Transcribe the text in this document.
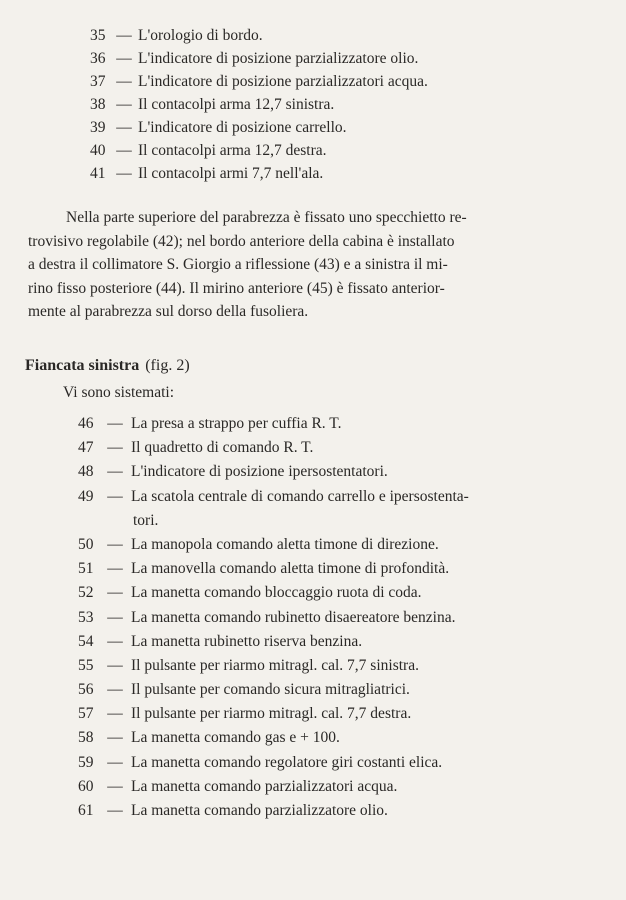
35 — L'orologio di bordo.
36 — L'indicatore di posizione parzializzatore olio.
37 — L'indicatore di posizione parzializzatori acqua.
38 — Il contacolpi arma 12,7 sinistra.
39 — L'indicatore di posizione carrello.
40 — Il contacolpi arma 12,7 destra.
41 — Il contacolpi armi 7,7 nell'ala.
Nella parte superiore del parabrezza è fissato uno specchietto re-
trovisivo regolabile (42); nel bordo anteriore della cabina è installato
a destra il collimatore S. Giorgio a riflessione (43) e a sinistra il mi-
rino fisso posteriore (44). Il mirino anteriore (45) è fissato anterior-
mente al parabrezza sul dorso della fusoliera.
Fiancata sinistra (fig. 2)
Vi sono sistemati:
46 — La presa a strappo per cuffia R. T.
47 — Il quadretto di comando R. T.
48 — L'indicatore di posizione ipersostentatori.
49 — La scatola centrale di comando carrello e ipersostenta-
tori.
50 — La manopola comando aletta timone di direzione.
51 — La manovella comando aletta timone di profondità.
52 — La manetta comando bloccaggio ruota di coda.
53 — La manetta comando rubinetto disaereatore benzina.
54 — La manetta rubinetto riserva benzina.
55 — Il pulsante per riarmo mitragl. cal. 7,7 sinistra.
56 — Il pulsante per comando sicura mitragliatrici.
57 — Il pulsante per riarmo mitragl. cal. 7,7 destra.
58 — La manetta comando gas e + 100.
59 — La manetta comando regolatore giri costanti elica.
60 — La manetta comando parzializzatori acqua.
61 — La manetta comando parzializzatore olio.
